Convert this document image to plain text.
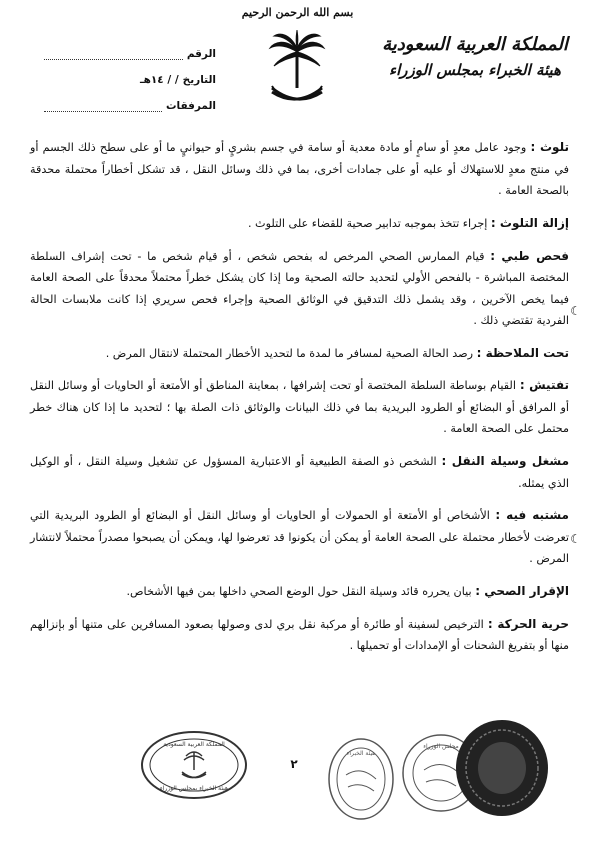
بسم الله الرحمن الرحيم
المملكة العربية السعودية
هيئة الخبراء بمجلس الوزراء
الرقم
التاريخ
/ / ١٤هـ
المرفقات

تلوث : وجود عامل معدٍ أو سامٍ أو مادة معدية أو سامة في جسم بشريٍ أو حيوانيٍ ما أو على سطح ذلك الجسم أو في منتج معدٍ للاستهلاك أو عليه أو على جمادات أخرى، بما في ذلك وسائل النقل ، قد تشكل أخطاراً محتملة محدقة بالصحة العامة .

إزالة التلوث : إجراء تتخذ بموجبه تدابير صحية للقضاء على التلوث .

فحص طبي : قيام الممارس الصحي المرخص له بفحص شخص ، أو قيام شخص ما - تحت إشراف السلطة المختصة المباشرة - بالفحص الأولي لتحديد حالته الصحية وما إذا كان يشكل خطراً محتملاً محدقاً على الصحة العامة فيما يخص الآخرين ، وقد يشمل ذلك التدقيق في الوثائق الصحية وإجراء فحص سريري إذا كانت ملابسات الحالة الفردية تقتضي ذلك .

تحت الملاحظة : رصد الحالة الصحية لمسافر ما لمدة ما لتحديد الأخطار المحتملة لانتقال المرض .

تفتيش : القيام بوساطة السلطة المختصة أو تحت إشرافها ، بمعاينة المناطق أو الأمتعة أو الحاويات أو وسائل النقل أو المرافق أو البضائع أو الطرود البريدية بما في ذلك البيانات والوثائق ذات الصلة بها ؛ لتحديد ما إذا كان هناك خطر محتمل على الصحة العامة .

مشغل وسيلة النقل : الشخص ذو الصفة الطبيعية أو الاعتبارية المسؤول عن تشغيل وسيلة النقل ، أو الوكيل الذي يمثله.

مشتبه فيه : الأشخاص أو الأمتعة أو الحمولات أو الحاويات أو وسائل النقل أو البضائع أو الطرود البريدية التي تعرضت لأخطار محتملة على الصحة العامة أو يمكن أن يكونوا قد تعرضوا لها، ويمكن أن يصبحوا مصدراً محتملاً لانتشار المرض .

الإقرار الصحي : بيان يحرره قائد وسيلة النقل حول الوضع الصحي داخلها بمن فيها الأشخاص.

حرية الحركة : الترخيص لسفينة أو طائرة أو مركبة نقل بري لدى وصولها بصعود المسافرين على متنها أو بإنزالهم منها أو بتفريغ الشحنات أو الإمدادات أو تحميلها .

☾
☾
المملكة العربية السعودية
هيئة الخبراء بمجلس الوزراء
٢
هيئة الخبراء
مجلس الوزراء
